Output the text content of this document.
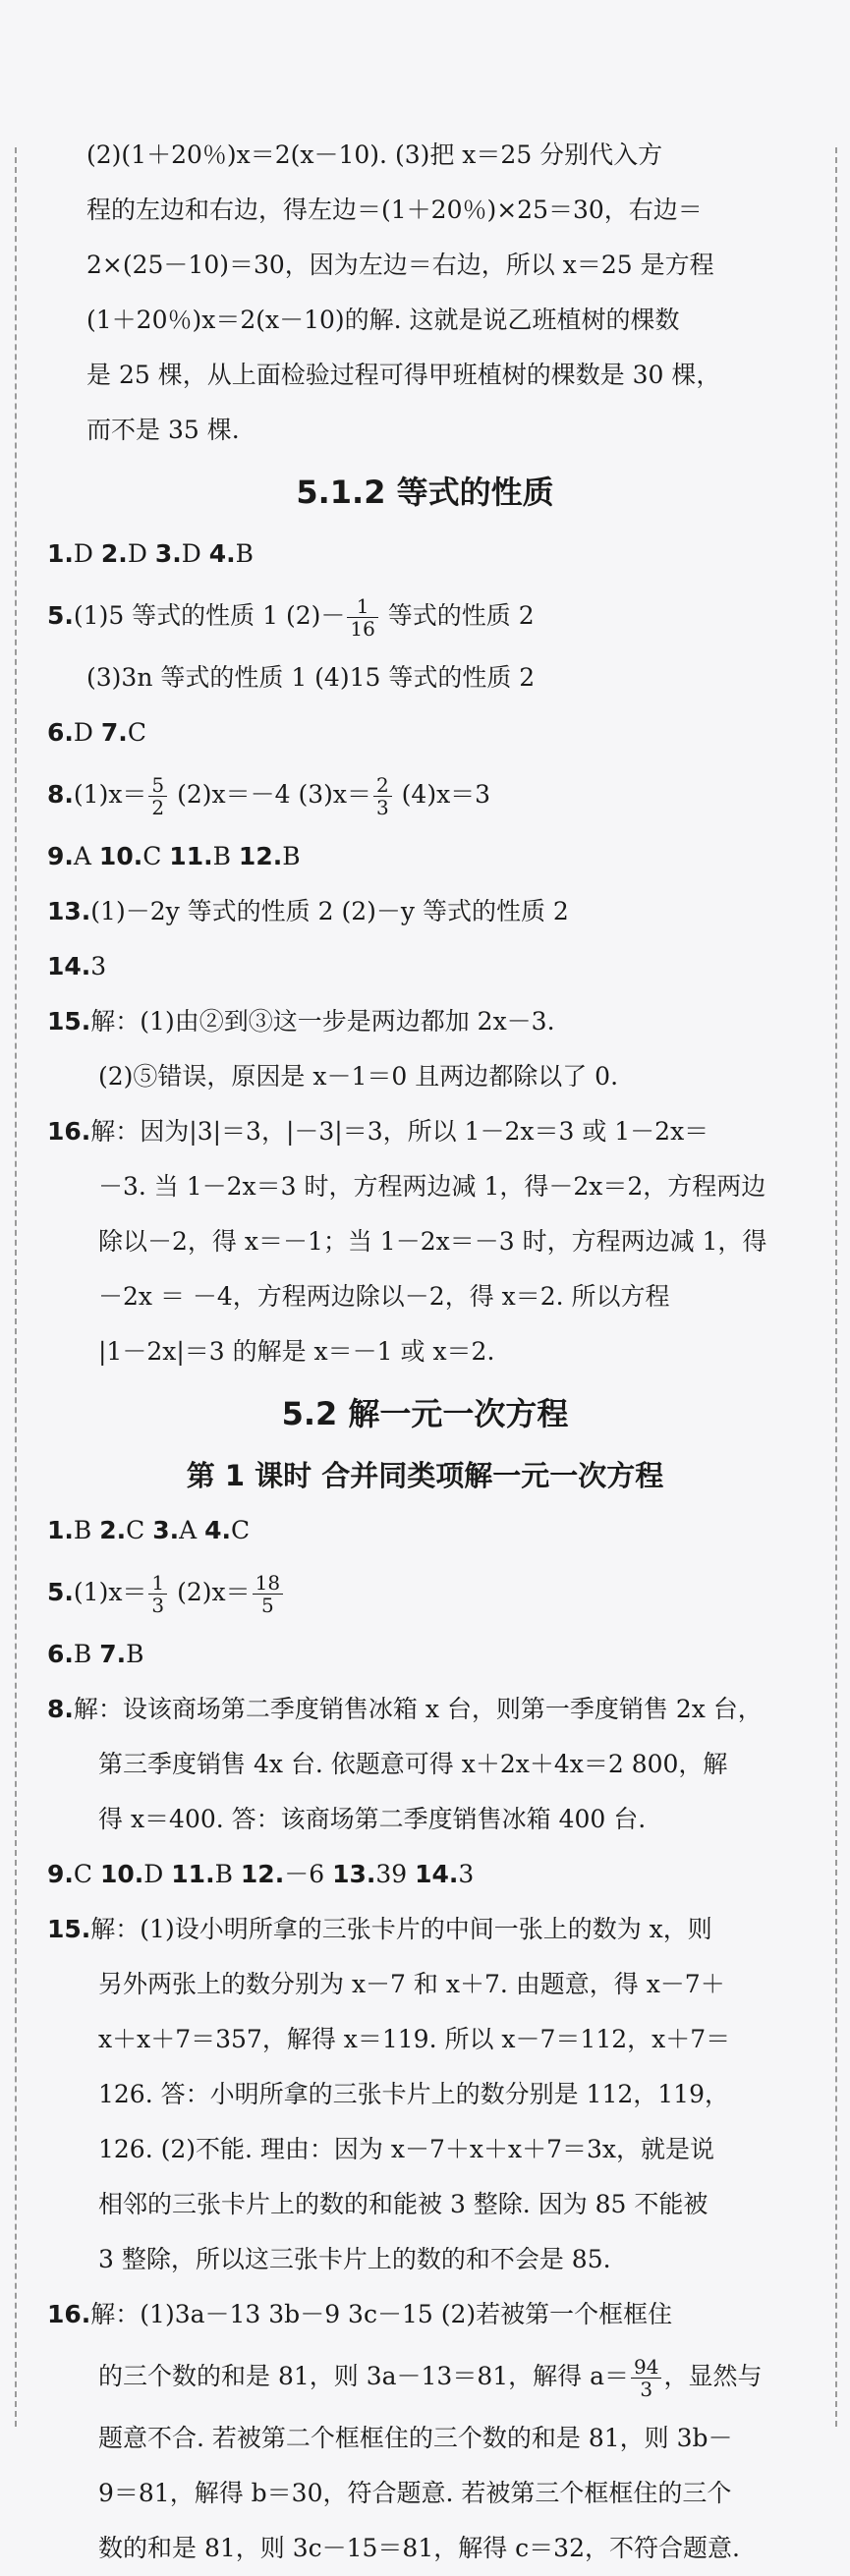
(2)(1＋20％)x＝2(x－10). (3)把 x＝25 分别代入方
程的左边和右边，得左边＝(1＋20％)×25＝30，右边＝
2×(25－10)＝30，因为左边＝右边，所以 x＝25 是方程
(1＋20％)x＝2(x－10)的解. 这就是说乙班植树的棵数
是 25 棵，从上面检验过程可得甲班植树的棵数是 30 棵，
而不是 35 棵.
5.1.2 等式的性质
1.D 2.D 3.D 4.B
5.(1)5 等式的性质 1 $(2)- \frac{1}{16}$ 等式的性质 2
(3)3n 等式的性质 1 (4)15 等式的性质 2
6.D 7.C
$8.(1)x= \frac{5}{2} (2)x=-4$ $(3)x= \frac{2}{3} (4)x=3$
9.A 10.C 11.B 12.B
13.(1)－2y 等式的性质 2 (2)－y 等式的性质 2
14.3
15.解：(1)由②到③这一步是两边都加 2x－3.
(2)⑤错误，原因是 x－1＝0 且两边都除以了 0.
16.解：因为|3|＝3，|－3|＝3，所以 1－2x＝3 或 1－2x＝
－3. 当 1－2x＝3 时，方程两边减 1，得－2x＝2，方程两边
除以－2，得 x＝－1；当 1－2x＝－3 时，方程两边减 1，得
－2x ＝ －4，方程两边除以－2，得 x＝2. 所以方程
|1－2x|＝3 的解是 x＝－1 或 x＝2.
5.2 解一元一次方程
第 1 课时 合并同类项解一元一次方程
1.B 2.C 3.A 4.C
$5.(1)x= \frac{1}{3} (2)x= \frac{18}{5}$
6.B 7.B
8.解：设该商场第二季度销售冰箱 x 台，则第一季度销售 2x 台，
第三季度销售 4x 台. 依题意可得 x＋2x＋4x＝2 800，解
得 x＝400. 答：该商场第二季度销售冰箱 400 台.
9.C 10.D 11.B 12.－6 13.39 14.3
15.解：(1)设小明所拿的三张卡片的中间一张上的数为 x，则
另外两张上的数分别为 x－7 和 x＋7. 由题意，得 x－7＋
x＋x＋7＝357，解得 x＝119. 所以 x－7＝112，x＋7＝
126. 答：小明所拿的三张卡片上的数分别是 112，119，
126. (2)不能. 理由：因为 x－7＋x＋x＋7＝3x，就是说
相邻的三张卡片上的数的和能被 3 整除. 因为 85 不能被
3 整除，所以这三张卡片上的数的和不会是 85.
16.解：(1)3a－13 3b－9 3c－15 (2)若被第一个框框住
的三个数的和是 81，则 3a－13＝81，解得 $a= \frac{94}{3}$ ，显然与
题意不合. 若被第二个框框住的三个数的和是 81，则 3b－
9＝81，解得 b＝30，符合题意. 若被第三个框框住的三个
数的和是 81，则 3c－15＝81，解得 c＝32，不符合题意.
